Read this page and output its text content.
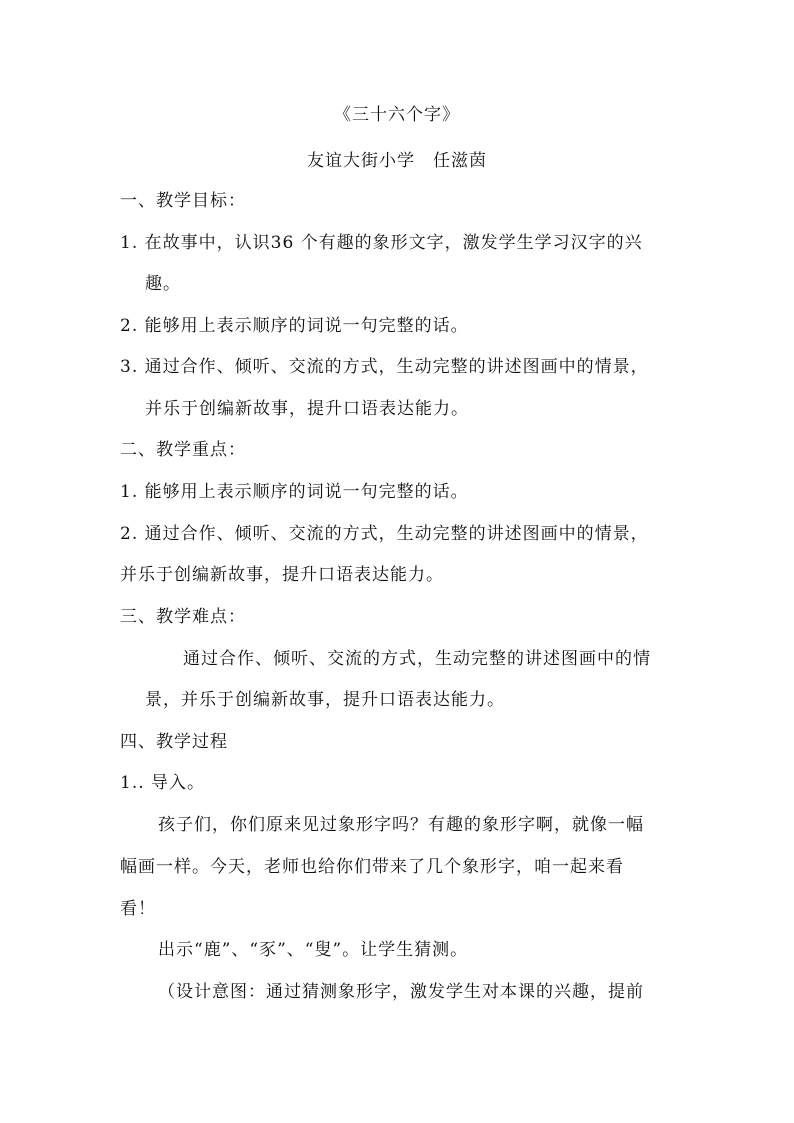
《三十六个字》
友谊大街小学　任滋茵
一、教学目标：
1. 在故事中，认识36 个有趣的象形文字，激发学生学习汉字的兴
趣。
2. 能够用上表示顺序的词说一句完整的话。
3. 通过合作、倾听、交流的方式，生动完整的讲述图画中的情景，
并乐于创编新故事，提升口语表达能力。
二、教学重点：
1. 能够用上表示顺序的词说一句完整的话。
2. 通过合作、倾听、交流的方式，生动完整的讲述图画中的情景，
并乐于创编新故事，提升口语表达能力。
三、教学难点：
通过合作、倾听、交流的方式，生动完整的讲述图画中的情
景，并乐于创编新故事，提升口语表达能力。
四、教学过程
1.. 导入。
孩子们，你们原来见过象形字吗？有趣的象形字啊，就像一幅
幅画一样。今天，老师也给你们带来了几个象形字，咱一起来看
看！
出示“鹿”、“豕”、“叟”。让学生猜测。
（设计意图：通过猜测象形字，激发学生对本课的兴趣，提前
